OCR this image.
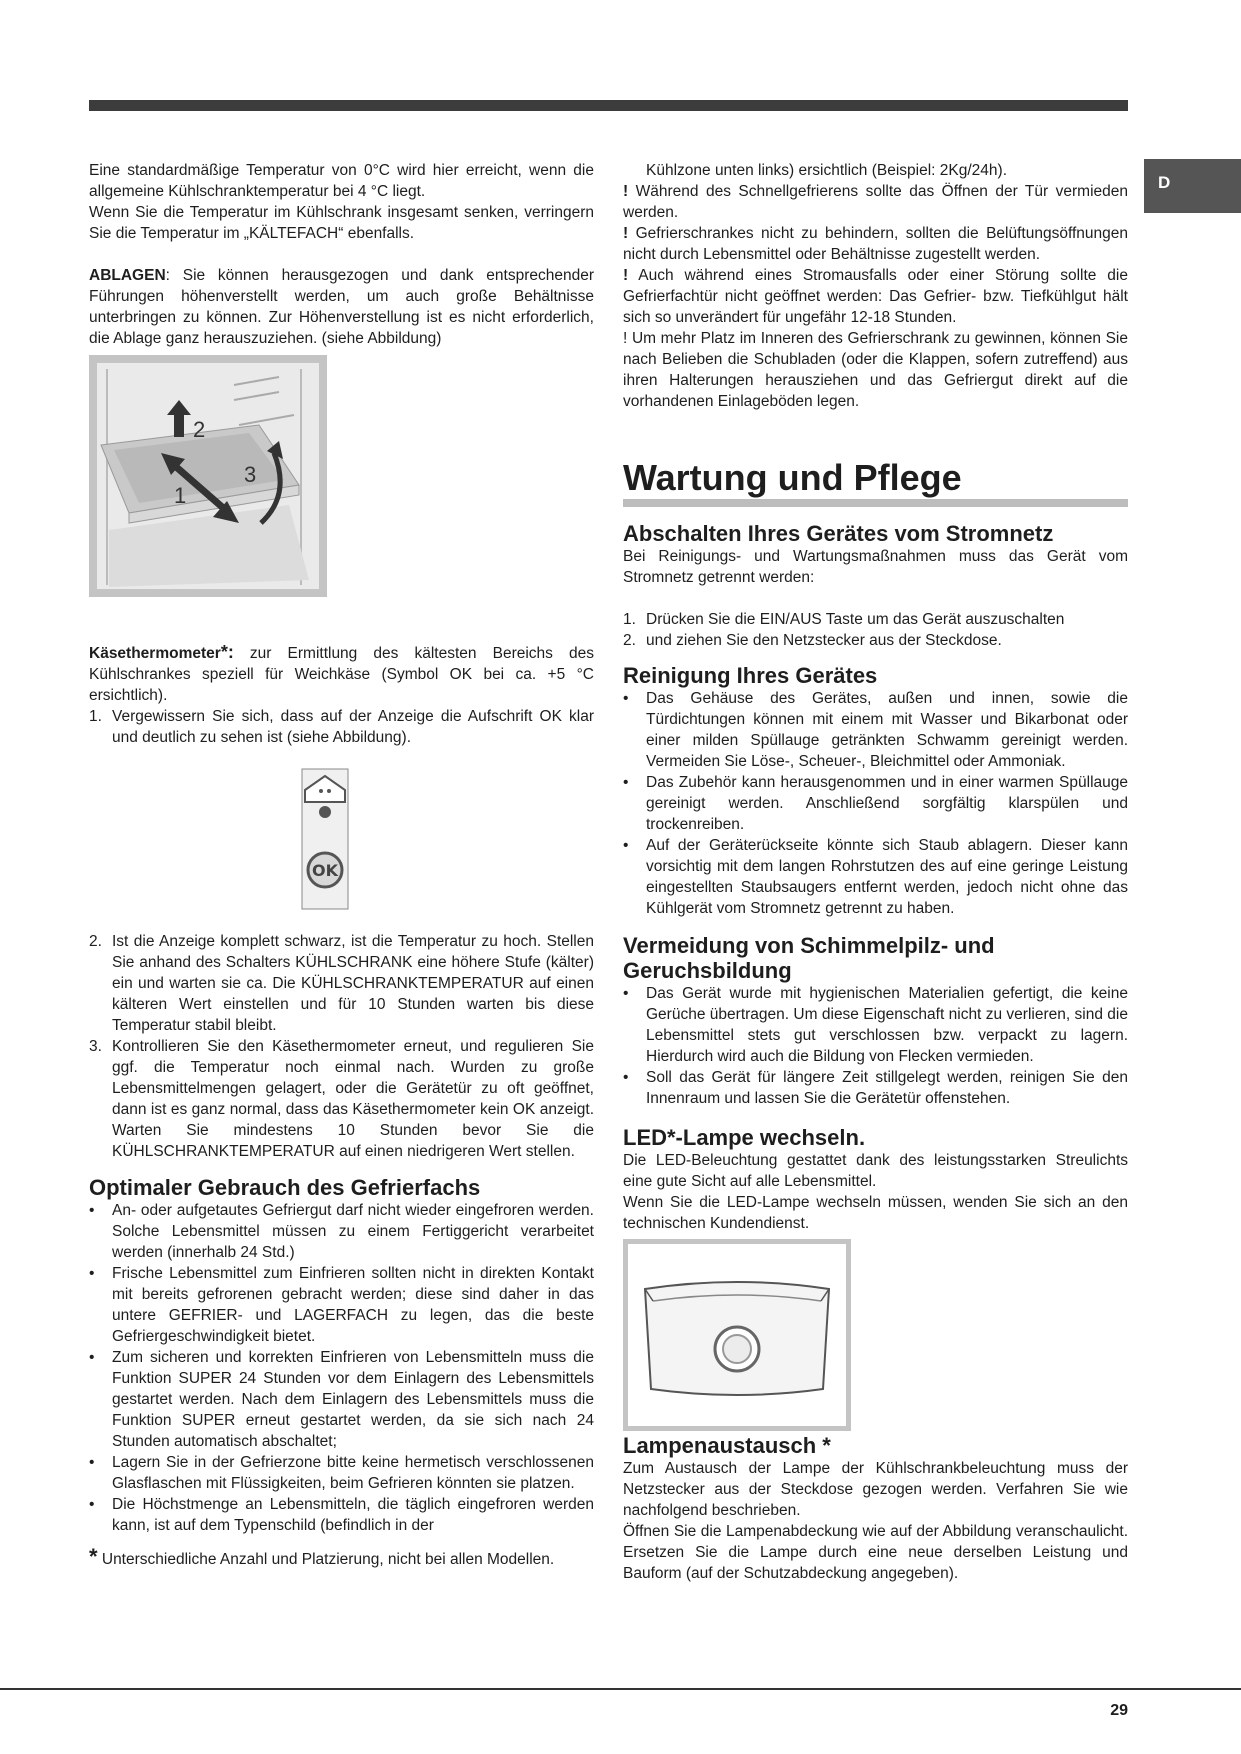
D

Eine standardmäßige Temperatur von 0°C wird hier erreicht, wenn die allgemeine Kühlschranktemperatur bei 4 °C liegt.

Wenn Sie die Temperatur im Kühlschrank insgesamt senken, verringern Sie die Temperatur im „KÄLTEFACH“ ebenfalls.

ABLAGEN: Sie können herausgezogen und dank entsprechender Führungen höhenverstellt werden, um auch große Behältnisse unterbringen zu können. Zur Höhenverstellung ist es nicht erforderlich, die Ablage ganz herauszuziehen. (siehe Abbildung)

2
3
1

Käsethermometer*: zur Ermittlung des kältesten Bereichs des Kühlschrankes speziell für Weichkäse (Symbol OK bei ca. +5 °C ersichtlich).

1. Vergewissern Sie sich, dass auf der Anzeige die Aufschrift OK klar und deutlich zu sehen ist (siehe Abbildung).
OK
2. Ist die Anzeige komplett schwarz, ist die Temperatur zu hoch. Stellen Sie anhand des Schalters KÜHLSCHRANK eine höhere Stufe (kälter) ein und warten sie ca. Die KÜHLSCHRANKTEMPERATUR auf einen kälteren Wert einstellen und für 10 Stunden warten bis diese Temperatur stabil bleibt.
3. Kontrollieren Sie den Käsethermometer erneut, und regulieren Sie ggf. die Temperatur noch einmal nach. Wurden zu große Lebensmittelmengen gelagert, oder die Gerätetür zu oft geöffnet, dann ist es ganz normal, dass das Käsethermometer kein OK anzeigt. Warten Sie mindestens 10 Stunden bevor Sie die KÜHLSCHRANKTEMPERATUR auf einen niedrigeren Wert stellen.
Optimaler Gebrauch des Gefrierfachs
• An- oder aufgetautes Gefriergut darf nicht wieder eingefroren werden. Solche Lebensmittel müssen zu einem Fertiggericht verarbeitet werden (innerhalb 24 Std.)
• Frische Lebensmittel zum Einfrieren sollten nicht in direkten Kontakt mit bereits gefrorenen gebracht werden; diese sind daher in das untere GEFRIER- und LAGERFACH zu legen, das die beste Gefriergeschwindigkeit bietet.
• Zum sicheren und korrekten Einfrieren von Lebensmitteln muss die Funktion SUPER 24 Stunden vor dem Einlagern des Lebensmittels gestartet werden. Nach dem Einlagern des Lebensmittels muss die Funktion SUPER erneut gestartet werden, da sie sich nach 24 Stunden automatisch abschaltet;
• Lagern Sie in der Gefrierzone bitte keine hermetisch verschlossenen Glasflaschen mit Flüssigkeiten, beim Gefrieren könnten sie platzen.
• Die Höchstmenge an Lebensmitteln, die täglich eingefroren werden kann, ist auf dem Typenschild (befindlich in der

* Unterschiedliche Anzahl und Platzierung, nicht bei allen Modellen.

Kühlzone unten links) ersichtlich (Beispiel: 2Kg/24h).

! Während des Schnellgefrierens sollte das Öffnen der Tür vermieden werden.

! Gefrierschrankes nicht zu behindern, sollten die Belüftungsöffnungen nicht durch Lebensmittel oder Behältnisse zugestellt werden.

! Auch während eines Stromausfalls oder einer Störung sollte die Gefrierfachtür nicht geöffnet werden: Das Gefrier- bzw. Tiefkühlgut hält sich so unverändert für ungefähr 12-18 Stunden.

! Um mehr Platz im Inneren des Gefrierschrank zu gewinnen, können Sie nach Belieben die Schubladen (oder die Klappen, sofern zutreffend) aus ihren Halterungen herausziehen und das Gefriergut direkt auf die vorhandenen Einlageböden legen.

Wartung und Pflege
Abschalten Ihres Gerätes vom Stromnetz

Bei Reinigungs- und Wartungsmaßnahmen muss das Gerät vom Stromnetz getrennt werden:

1. Drücken Sie die EIN/AUS Taste um das Gerät auszuschalten
2. und ziehen Sie den Netzstecker aus der Steckdose.
Reinigung Ihres Gerätes
• Das Gehäuse des Gerätes, außen und innen, sowie die Türdichtungen können mit einem mit Wasser und Bikarbonat oder einer milden Spüllauge getränkten Schwamm gereinigt werden. Vermeiden Sie Löse-, Scheuer-, Bleichmittel oder Ammoniak.
• Das Zubehör kann herausgenommen und in einer warmen Spüllauge gereinigt werden. Anschließend sorgfältig klarspülen und trockenreiben.
• Auf der Geräterückseite könnte sich Staub ablagern. Dieser kann vorsichtig mit dem langen Rohrstutzen des auf eine geringe Leistung eingestellten Staubsaugers entfernt werden, jedoch nicht ohne das Kühlgerät vom Stromnetz getrennt zu haben.
Vermeidung von Schimmelpilz- und Geruchsbildung
• Das Gerät wurde mit hygienischen Materialien gefertigt, die keine Gerüche übertragen. Um diese Eigenschaft nicht zu verlieren, sind die Lebensmittel stets gut verschlossen bzw. verpackt zu lagern. Hierdurch wird auch die Bildung von Flecken vermieden.
• Soll das Gerät für längere Zeit stillgelegt werden, reinigen Sie den Innenraum und lassen Sie die Gerätetür offenstehen.
LED*-Lampe wechseln.

Die LED-Beleuchtung gestattet dank des leistungsstarken Streulichts eine gute Sicht auf alle Lebensmittel.

Wenn Sie die LED-Lampe wechseln müssen, wenden Sie sich an den technischen Kundendienst.

Lampenaustausch *

Zum Austausch der Lampe der Kühlschrankbeleuchtung muss der Netzstecker aus der Steckdose gezogen werden. Verfahren Sie wie nachfolgend beschrieben.

Öffnen Sie die Lampenabdeckung wie auf der Abbildung veranschaulicht. Ersetzen Sie die Lampe durch eine neue derselben Leistung und Bauform (auf der Schutzabdeckung angegeben).

29
